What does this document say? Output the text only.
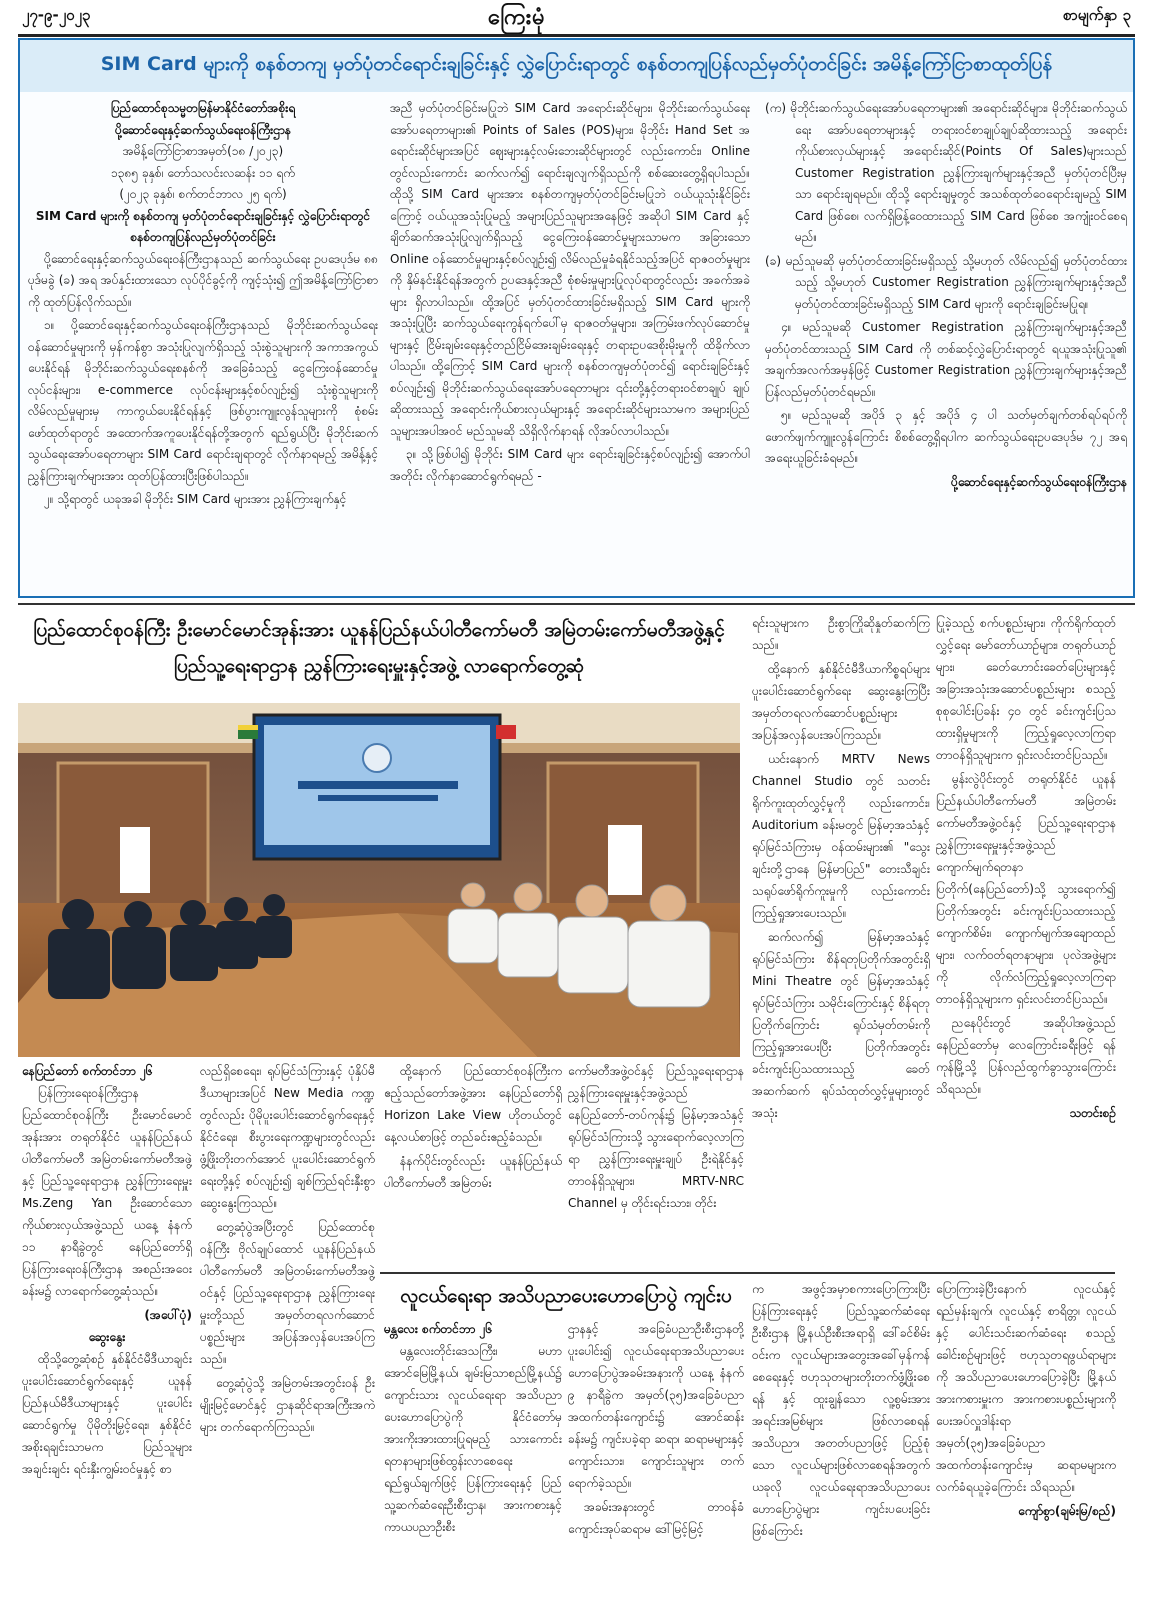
၂၇-၉-၂၀၂၃	ကြေးမုံ	စာမျက်နှာ ၃
SIM Card များကို စနစ်တကျ မှတ်ပုံတင်ရောင်းချခြင်းနှင့် လွှဲပြောင်းရာတွင် စနစ်တကျပြန်လည်မှတ်ပုံတင်ခြင်း အမိန့်ကြော်ငြာစာထုတ်ပြန်
ပြည်ထောင်စုသမ္မတမြန်မာနိုင်ငံတော်အစိုးရ
ပို့ဆောင်ရေးနှင့်ဆက်သွယ်ရေးဝန်ကြီးဌာန
အမိန့်ကြော်ငြာစာအမှတ်(၁၈ /၂၀၂၃)
၁၃၈၅ ခုနှစ်၊ တော်သလင်းလဆန်း ၁၁ ရက်
(၂၀၂၃ ခုနှစ်၊ စက်တင်ဘာလ ၂၅ ရက်)
SIM Card များကို စနစ်တကျ မှတ်ပုံတင်ရောင်းချခြင်းနှင့် လွှဲပြောင်းရာတွင် စနစ်တကျပြန်လည်မှတ်ပုံတင်ခြင်း

ပို့ဆောင်ရေးနှင့်ဆက်သွယ်ရေးဝန်ကြီးဌာနသည် ဆက်သွယ်ရေး ဥပဒေပုဒ်မ ၈၈ ပုဒ်မခွဲ (ခ) အရ အပ်နှင်းထားသော လုပ်ပိုင်ခွင့်ကို ကျင့်သုံး၍ ဤအမိန့်ကြော်ငြာစာကို ထုတ်ပြန်လိုက်သည်။

၁။ ပို့ဆောင်ရေးနှင့်ဆက်သွယ်ရေးဝန်ကြီးဌာနသည် မိုဘိုင်းဆက်သွယ်ရေးဝန်ဆောင်မှုများကို မှန်ကန်စွာ အသုံးပြုလျက်ရှိသည့် သုံးစွဲသူများကို အကာအကွယ်ပေးနိုင်ရန် မိုဘိုင်းဆက်သွယ်ရေးစနစ်ကို အခြေခံသည့် ငွေကြေးဝန်ဆောင်မှုလုပ်ငန်းများ၊ e-commerce လုပ်ငန်းများနှင့်စပ်လျဉ်း၍ သုံးစွဲသူများကို လိမ်လည်မှုများမှ ကာကွယ်ပေးနိုင်ရန်နှင့် ဖြစ်ပွားကျူးလွန်သူများကို စုံစမ်းဖော်ထုတ်ရာတွင် အထောက်အကူပေးနိုင်ရန်တို့အတွက် ရည်ရွယ်ပြီး မိုဘိုင်းဆက်သွယ်ရေးအော်ပရေတာများ SIM Card ရောင်းချရာတွင် လိုက်နာရမည့် အမိန့်နှင့် ညွှန်ကြားချက်များအား ထုတ်ပြန်ထားပြီးဖြစ်ပါသည်။

၂။ သို့ရာတွင် ယခုအခါ မိုဘိုင်း SIM Card များအား ညွှန်ကြားချက်နှင့်

အညီ မှတ်ပုံတင်ခြင်းမပြုဘဲ SIM Card အရောင်းဆိုင်များ၊ မိုဘိုင်းဆက်သွယ်ရေးအော်ပရေတာများ၏ Points of Sales (POS)များ၊ မိုဘိုင်း Hand Set အရောင်းဆိုင်များအပြင် ဈေးများနှင့်လမ်းဘေးဆိုင်များတွင် လည်းကောင်း၊ Online တွင်လည်းကောင်း ဆက်လက်၍ ရောင်းချလျက်ရှိသည်ကို စစ်ဆေးတွေ့ရှိရပါသည်။ ထိုသို့ SIM Card များအား စနစ်တကျမှတ်ပုံတင်ခြင်းမပြုဘဲ ဝယ်ယူသုံးနိုင်ခြင်းကြောင့် ဝယ်ယူအသုံးပြုမည့် အများပြည်သူများအနေဖြင့် အဆိုပါ SIM Card နှင့် ချိတ်ဆက်အသုံးပြုလျက်ရှိသည့် ငွေကြေးဝန်ဆောင်မှုများသာမက အခြားသော Online ဝန်ဆောင်မှုများနှင့်စပ်လျဉ်း၍ လိမ်လည်မှုခံရနိုင်သည့်အပြင် ရာဇဝတ်မှုများကို နှိမ်နင်းနိုင်ရန်အတွက် ဥပဒေနှင့်အညီ စုံစမ်းမှုများပြုလုပ်ရာတွင်လည်း အခက်အခဲများ ရှိလာပါသည်။ ထို့အပြင် မှတ်ပုံတင်ထားခြင်းမရှိသည့် SIM Card များကို အသုံးပြုပြီး ဆက်သွယ်ရေးကွန်ရက်ပေါ်မှ ရာဇဝတ်မှုများ၊ အကြမ်းဖက်လုပ်ဆောင်မှုများနှင့် ငြိမ်းချမ်းရေးနှင့်တည်ငြိမ်အေးချမ်းရေးနှင့် တရားဥပဒေစိုးမိုးမှုကို ထိခိုက်လာပါသည်။ ထို့ကြောင့် SIM Card များကို စနစ်တကျမှတ်ပုံတင်၍ ရောင်းချခြင်းနှင့်စပ်လျဉ်း၍ မိုဘိုင်းဆက်သွယ်ရေးအော်ပရေတာများ ၎င်းတို့နှင့်တရားဝင်စာချုပ် ချုပ်ဆိုထားသည့် အရောင်းကိုယ်စားလှယ်များနှင့် အရောင်းဆိုင်များသာမက အများပြည်သူများအပါအဝင် မည်သူမဆို သိရှိလိုက်နာရန် လိုအပ်လာပါသည်။

၃။ သို့ဖြစ်ပါ၍ မိုဘိုင်း SIM Card များ ရောင်းချခြင်းနှင့်စပ်လျဉ်း၍ အောက်ပါအတိုင်း လိုက်နာဆောင်ရွက်ရမည် -

(က) မိုဘိုင်းဆက်သွယ်ရေးအော်ပရေတာများ၏ အရောင်းဆိုင်များ၊ မိုဘိုင်းဆက်သွယ်ရေး အော်ပရေတာများနှင့် တရားဝင်စာချုပ်ချုပ်ဆိုထားသည့် အရောင်းကိုယ်စားလှယ်များနှင့် အရောင်းဆိုင်(Points Of Sales)များသည် Customer Registration ညွှန်ကြားချက်များနှင့်အညီ မှတ်ပုံတင်ပြီးမှသာ ရောင်းချရမည်။ ထိုသို့ ရောင်းချမှုတွင် အသစ်ထုတ်ဝေရောင်းချမည့် SIM Card ဖြစ်စေ၊ လက်ရှိဖြန့်ဝေထားသည့် SIM Card ဖြစ်စေ အကျုံးဝင်စေရမည်။

(ခ) မည်သူမဆို မှတ်ပုံတင်ထားခြင်းမရှိသည့် သို့မဟုတ် လိမ်လည်၍ မှတ်ပုံတင်ထားသည့် သို့မဟုတ် Customer Registration ညွှန်ကြားချက်များနှင့်အညီ မှတ်ပုံတင်ထားခြင်းမရှိသည့် SIM Card များကို ရောင်းချခြင်းမပြုရ။

၄။ မည်သူမဆို Customer Registration ညွှန်ကြားချက်များနှင့်အညီ မှတ်ပုံတင်ထားသည့် SIM Card ကို တစ်ဆင့်လွှဲပြောင်းရာတွင် ရယူအသုံးပြုသူ၏ အချက်အလက်အမှန်ဖြင့် Customer Registration ညွှန်ကြားချက်များနှင့်အညီ ပြန်လည်မှတ်ပုံတင်ရမည်။

၅။ မည်သူမဆို အပိုဒ် ၃ နှင့် အပိုဒ် ၄ ပါ သတ်မှတ်ချက်တစ်ရပ်ရပ်ကို ဖောက်ဖျက်ကျူးလွန်ကြောင်း စိစစ်တွေ့ရှိရပါက ဆက်သွယ်ရေးဥပဒေပုဒ်မ ၇၂ အရ အရေးယူခြင်းခံရမည်။

ပို့ဆောင်ရေးနှင့်ဆက်သွယ်ရေးဝန်ကြီးဌာန
ပြည်ထောင်စုဝန်ကြီး ဦးမောင်မောင်အုန်းအား ယူနန်ပြည်နယ်ပါတီကော်မတီ အမြဲတမ်းကော်မတီအဖွဲ့နှင့်
ပြည်သူ့ရေးရာဌာန ညွှန်ကြားရေးမှူးနှင့်အဖွဲ့ လာရောက်တွေ့ဆုံ

ရင်းသူများက ဦးစွာကြိုဆိုနှုတ်ဆက်ကြသည်။

ထို့နောက် နှစ်နိုင်ငံမီဒီယာကိစ္စရပ်များ ပူးပေါင်းဆောင်ရွက်ရေး ဆွေးနွေးကြပြီး အမှတ်တရလက်ဆောင်ပစ္စည်းများ အပြန်အလှန်ပေးအပ်ကြသည်။

ယင်းနောက် MRTV News Channel Studio တွင် သတင်းရိုက်ကူးထုတ်လွှင့်မှုကို လည်းကောင်း၊ Auditorium ခန်းမတွင် မြန်မာ့အသံနှင့် ရုပ်မြင်သံကြားမှ ဝန်ထမ်းများ၏ "သွေးချင်းတို့ဌာနေ မြန်မာပြည်" တေးသီချင်း သရုပ်ဖော်ရိုက်ကူးမှုကို လည်းကောင်း ကြည့်ရှုအားပေးသည်။

ဆက်လက်၍ မြန်မာ့အသံနှင့် ရုပ်မြင်သံကြား စိန်ရတုပြတိုက်အတွင်းရှိ Mini Theatre တွင် မြန်မာ့အသံနှင့် ရုပ်မြင်သံကြား သမိုင်းကြောင်းနှင့် စိန်ရတုပြတိုက်ကြောင်း ရုပ်သံမှတ်တမ်းကို ကြည့်ရှုအားပေးပြီး ပြတိုက်အတွင်း ခင်းကျင်းပြသထားသည့် ခေတ်အဆက်ဆက် ရုပ်သံထုတ်လွှင့်မှုများတွင် အသုံး

ပြုခဲ့သည့် စက်ပစ္စည်းများ၊ ကိုက်ရိုက်ထုတ်လွှင့်ရေး မော်တော်ယာဉ်များ၊ တရုတ်ယာဉ်များ၊ ခေတ်ဟောင်းခေတ်ပြေးများနှင့် အခြားအသုံးအဆောင်ပစ္စည်းများ စသည့် စုစုပေါင်းပြခန်း ၄၀ တွင် ခင်းကျင်းပြသထားရှိမှုများကို ကြည့်ရှုလေ့လာကြရာ တာဝန်ရှိသူများက ရှင်းလင်းတင်ပြသည်။

မွန်းလွဲပိုင်းတွင် တရုတ်နိုင်ငံ ယူနန်ပြည်နယ်ပါတီကော်မတီ အမြဲတမ်းကော်မတီအဖွဲ့ဝင်နှင့် ပြည်သူ့ရေးရာဌာန ညွှန်ကြားရေးမှူးနှင့်အဖွဲ့သည် ကျောက်မျက်ရတနာပြတိုက်(နေပြည်တော်)သို့ သွားရောက်၍ ပြတိုက်အတွင်း ခင်းကျင်းပြသထားသည့် ကျောက်စိမ်း၊ ကျောက်မျက်အချောထည်များ၊ လက်ဝတ်ရတနာများ၊ ပုလဲအဖွဲ့များကို လိုက်လံကြည့်ရှုလေ့လာကြရာ တာဝန်ရှိသူများက ရှင်းလင်းတင်ပြသည်။

ညနေပိုင်းတွင် အဆိုပါအဖွဲ့သည် နေပြည်တော်မှ လေကြောင်းခရီးဖြင့် ရန်ကုန်မြို့သို့ ပြန်လည်ထွက်ခွာသွားကြောင်း သိရသည်။

သတင်းစဉ်
နေပြည်တော် စက်တင်ဘာ ၂၆

ပြန်ကြားရေးဝန်ကြီးဌာန ပြည်ထောင်စုဝန်ကြီး ဦးမောင်မောင်အုန်းအား တရုတ်နိုင်ငံ ယူနန်ပြည်နယ်ပါတီကော်မတီ အမြဲတမ်းကော်မတီအဖွဲ့နှင့် ပြည်သူ့ရေးရာဌာန ညွှန်ကြားရေးမှူး Ms.Zeng Yan ဦးဆောင်သော ကိုယ်စားလှယ်အဖွဲ့သည် ယနေ့ နံနက် ၁၁ နာရီခွဲတွင် နေပြည်တော်ရှိ ပြန်ကြားရေးဝန်ကြီးဌာန အစည်းအဝေးခန်းမ၌ လာရောက်တွေ့ဆုံသည်။

(အပေါ်ပုံ)
ဆွေးနွေး

ထိုသို့တွေ့ဆုံစဉ် နှစ်နိုင်ငံမီဒီယာချင်း ပူးပေါင်းဆောင်ရွက်ရေးနှင့် ယူနန်ပြည်နယ်မီဒီယာများနှင့် ပူးပေါင်းဆောင်ရွက်မှု ပိုမိုတိုးမြှင့်ရေး၊ နှစ်နိုင်ငံအစိုးရချင်းသာမက ပြည်သူများအချင်းချင်း ရင်းနှီးကျွမ်းဝင်မှုနှင့် စာ

လည်ရှိစေရေး၊ ရုပ်မြင်သံကြားနှင့် ပုံနှိပ်မီဒီယာများအပြင် New Media ကဏ္ဍတွင်လည်း ပိုမိုပူးပေါင်းဆောင်ရွက်ရေးနှင့် နိုင်ငံရေး၊ စီးပွားရေးကဏ္ဍများတွင်လည်း ဖွံ့ဖြိုးတိုးတက်အောင် ပူးပေါင်းဆောင်ရွက်ရေးတို့နှင့် စပ်လျဉ်း၍ ချစ်ကြည်ရင်းနှီးစွာ ဆွေးနွေးကြသည်။

တွေ့ဆုံပွဲအပြီးတွင် ပြည်ထောင်စုဝန်ကြီး ဗိုလ်ချုပ်ထောင် ယူနန်ပြည်နယ်ပါတီကော်မတီ အမြဲတမ်းကော်မတီအဖွဲ့ဝင်နှင့် ပြည်သူ့ရေးရာဌာန ညွှန်ကြားရေးမှူးတို့သည် အမှတ်တရလက်ဆောင်ပစ္စည်းများ အပြန်အလှန်ပေးအပ်ကြသည်။

တွေ့ဆုံပွဲသို့ အမြဲတမ်းအတွင်းဝန် ဦးမျိုးမြင့်မောင်နှင့် ဌာနဆိုင်ရာအကြီးအကဲများ တက်ရောက်ကြသည်။

ထို့နောက် ပြည်ထောင်စုဝန်ကြီးက ဧည့်သည်တော်အဖွဲ့အား နေပြည်တော်ရှိ Horizon Lake View ဟိုတယ်တွင် နေ့လယ်စာဖြင့် တည်ခင်းဧည့်ခံသည်။

နံနက်ပိုင်းတွင်လည်း ယူနန်ပြည်နယ်ပါတီကော်မတီ အမြဲတမ်း

ကော်မတီအဖွဲ့ဝင်နှင့် ပြည်သူ့ရေးရာဌာန ညွှန်ကြားရေးမှူးနှင့်အဖွဲ့သည် နေပြည်တော်-တပ်ကုန်း၌ မြန်မာ့အသံနှင့် ရုပ်မြင်သံကြားသို့ သွားရောက်လေ့လာကြရာ ညွှန်ကြားရေးမှူးချုပ် ဦးရဲနိုင်နှင့် တာဝန်ရှိသူများ၊ MRTV-NRC Channel မှ တိုင်းရင်းသား၊ တိုင်း

လူငယ်ရေးရာ အသိပညာပေးဟောပြောပွဲ ကျင်းပ
မန္တလေး စက်တင်ဘာ ၂၆

မန္တလေးတိုင်းဒေသကြီး၊ မဟာအောင်မြေမြို့နယ်၊ ချမ်းမြသာစည်မြို့နယ်၌ ကျောင်းသား လူငယ်ရေးရာ အသိပညာပေးဟောပြောပွဲကို နိုင်ငံတော်မှ အားကိုးအားထားပြုရမည့် သားကောင်းရတနာများဖြစ်ထွန်းလာစေရေး ရည်ရွယ်ချက်ဖြင့် ပြန်ကြားရေးနှင့် ပြည်သူ့ဆက်ဆံရေးဦးစီးဌာန၊ အားကစားနှင့် ကာယပညာဦးစီး

ဌာနနှင့် အခြေခံပညာဦးစီးဌာနတို့ ပူးပေါင်း၍ လူငယ်ရေးရာအသိပညာပေးဟောပြောပွဲအခမ်းအနားကို ယနေ့ နံနက် ၉ နာရီခွဲက အမှတ်(၃၅)အခြေခံပညာအထက်တန်းကျောင်း၌ အောင်ဆန်းခန်းမ၌ ကျင်းပခဲ့ရာ ဆရာ၊ ဆရာမများနှင့် ကျောင်းသား၊ ကျောင်းသူများ တက်ရောက်ခဲ့သည်။

အခမ်းအနားတွင် တာဝန်ခံကျောင်းအုပ်ဆရာမ ဒေါ်မြင့်မြင့်

က အဖွင့်အမှာစကားပြောကြားပြီး ပြန်ကြားရေးနှင့် ပြည်သူ့ဆက်ဆံရေးဦးစီးဌာန မြို့နယ်ဦးစီးအရာရှိ ဒေါ်ခင်စိမ်းဝင်းက လူငယ်များအတွေးအခေါ်မှန်ကန်စေရေးနှင့် ဗဟုသုတများတိုးတက်ဖွံ့ဖြိုးစေရန် နှင့် ထူးချွန်သော လူ့စွမ်းအားအရင်းအမြစ်များ ဖြစ်လာစေရန် အသိပညာ၊ အတတ်ပညာဖြင့် ပြည့်စုံသော လူငယ်များဖြစ်လာစေရန်အတွက် ယခုလို လူငယ်ရေးရာအသိပညာပေးဟောပြောပွဲများ ကျင်းပပေးခြင်းဖြစ်ကြောင်း

ပြောကြားခဲ့ပြီးနောက် လူငယ်နှင့်ရည်မှန်းချက်၊ လူငယ်နှင့် စာရိတ္တ၊ လူငယ်နှင့် ပေါင်းသင်းဆက်ဆံရေး စသည့်ခေါင်းစဉ်များဖြင့် ဗဟုသုတရဖွယ်ရာများကို အသိပညာပေးဟောပြောခဲ့ပြီး မြို့နယ်အားကစားမှူးက အားကစားပစ္စည်းများကို ပေးအပ်လှူဒါန်းရာ အမှတ်(၃၅)အခြေခံပညာအထက်တန်းကျောင်းမှ ဆရာမများက လက်ခံရယူခဲ့ကြောင်း သိရသည်။

ကျော်စွာ(ချမ်းမြ/စည်)
